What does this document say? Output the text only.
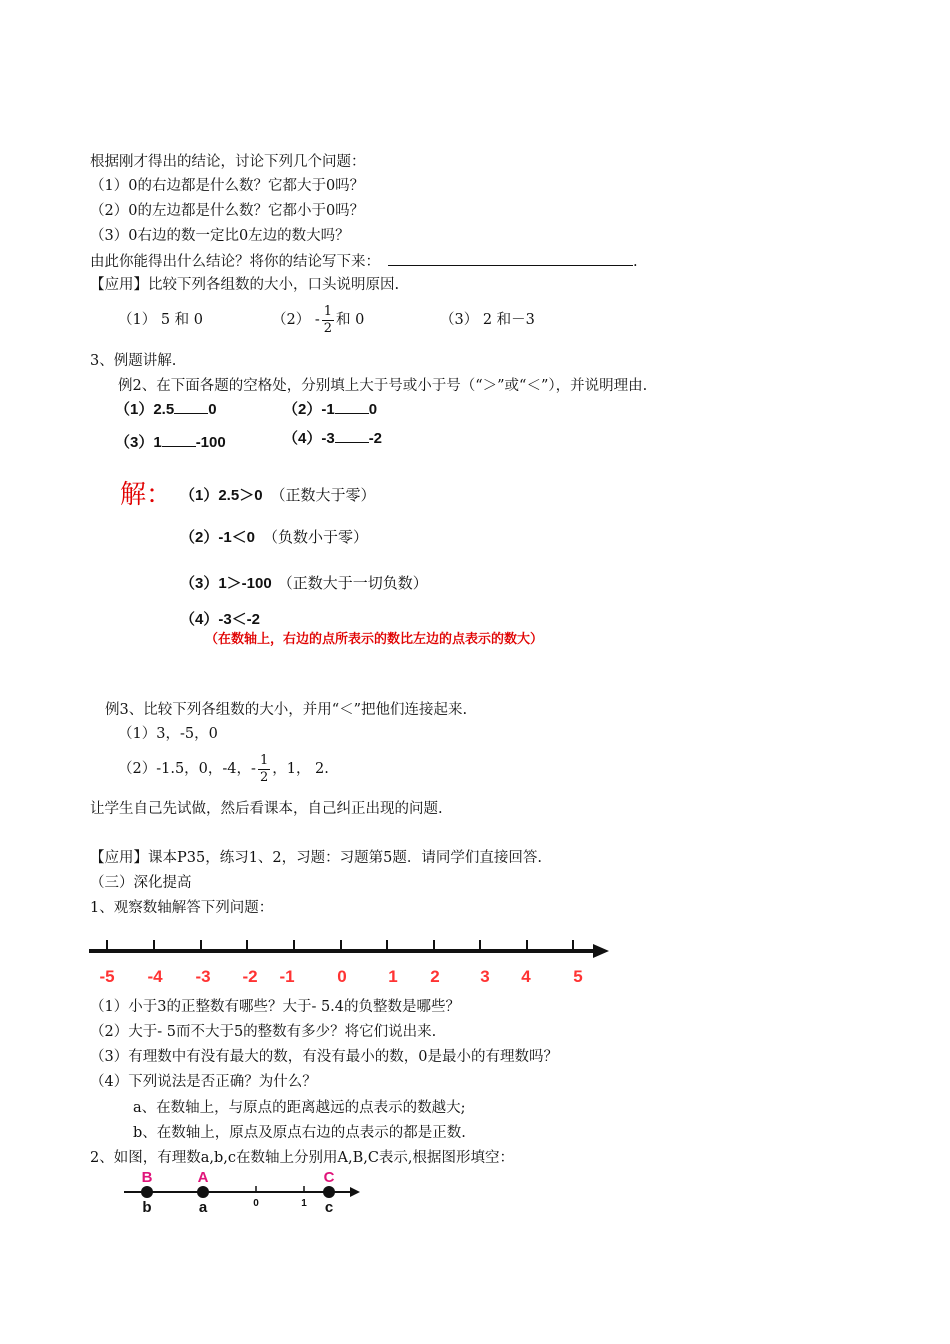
根据刚才得出的结论，讨论下列几个问题：
（1）0的右边都是什么数？它都大于0吗？
（2）0的左边都是什么数？它都小于0吗？
（3）0右边的数一定比0左边的数大吗？
由此你能得出什么结论？将你的结论写下来：	.
【应用】比较下列各组数的大小，口头说明原因.
（1） 5 和 0	$(2) - \frac{1}{2}$ 和 0	（3） 2 和－3
3、例题讲解.
例2、在下面各题的空格处，分别填上大于号或小于号（“＞”或“＜”），并说明理由.
（1）2.5 0	（2）-1 0
（3）1 -100	（4）-3 -2
解： （1）2.5＞0 （正数大于零）
（2）-1＜0 （负数小于零）
（3）1＞-100 （正数大于一切负数）
（4）-3＜-2
（在数轴上，右边的点所表示的数比左边的点表示的数大）
例3、比较下列各组数的大小，并用“＜”把他们连接起来.
（1）3，-5，0
（2）-1.5，0，-4，- $\frac{1}{2}$ ，1， 2.
让学生自己先试做，然后看课本，自己纠正出现的问题.
【应用】课本P35，练习1、2，习题：习题第5题．请同学们直接回答.
（三）深化提高
1、观察数轴解答下列问题：
-5 -4 -3 -2 -1	0 1 2 3 4	5
（1）小于3的正整数有哪些？大于- 5.4的负整数是哪些？
（2）大于- 5而不大于5的整数有多少？将它们说出来.
（3）有理数中有没有最大的数，有没有最小的数，0是最小的有理数吗？
（4）下列说法是否正确？为什么？
a、在数轴上，与原点的距离越远的点表示的数越大;
b、在数轴上，原点及原点右边的点表示的都是正数.
2、如图，有理数a,b,c在数轴上分别用A,B,C表示,根据图形填空：
B
b
A
a
C
c
0	1
